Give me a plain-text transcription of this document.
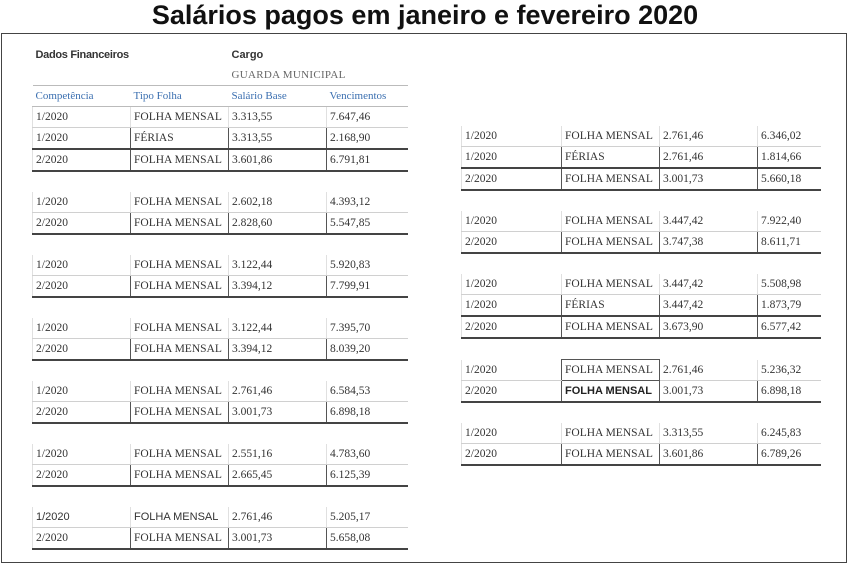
Salários pagos em janeiro e fevereiro 2020
Dados Financeiros		Cargo	
		GUARDA MUNICIPAL	
Competência	Tipo Folha	Salário Base	Vencimentos
1/2020	FOLHA MENSAL	3.313,55	7.647,46
1/2020	FÉRIAS	3.313,55	2.168,90
2/2020	FOLHA MENSAL	3.601,86	6.791,81

1/2020	FOLHA MENSAL	2.602,18	4.393,12
2/2020	FOLHA MENSAL	2.828,60	5.547,85

1/2020	FOLHA MENSAL	3.122,44	5.920,83
2/2020	FOLHA MENSAL	3.394,12	7.799,91

1/2020	FOLHA MENSAL	3.122,44	7.395,70
2/2020	FOLHA MENSAL	3.394,12	8.039,20

1/2020	FOLHA MENSAL	2.761,46	6.584,53
2/2020	FOLHA MENSAL	3.001,73	6.898,18

1/2020	FOLHA MENSAL	2.551,16	4.783,60
2/2020	FOLHA MENSAL	2.665,45	6.125,39

1/2020	FOLHA MENSAL	2.761,46	5.205,17
2/2020	FOLHA MENSAL	3.001,73	5.658,08
1/2020	FOLHA MENSAL	2.761,46	6.346,02
1/2020	FÉRIAS	2.761,46	1.814,66
2/2020	FOLHA MENSAL	3.001,73	5.660,18

1/2020	FOLHA MENSAL	3.447,42	7.922,40
2/2020	FOLHA MENSAL	3.747,38	8.611,71

1/2020	FOLHA MENSAL	3.447,42	5.508,98
1/2020	FÉRIAS	3.447,42	1.873,79
2/2020	FOLHA MENSAL	3.673,90	6.577,42

1/2020	FOLHA MENSAL	2.761,46	5.236,32
2/2020	FOLHA MENSAL	3.001,73	6.898,18

1/2020	FOLHA MENSAL	3.313,55	6.245,83
2/2020	FOLHA MENSAL	3.601,86	6.789,26
